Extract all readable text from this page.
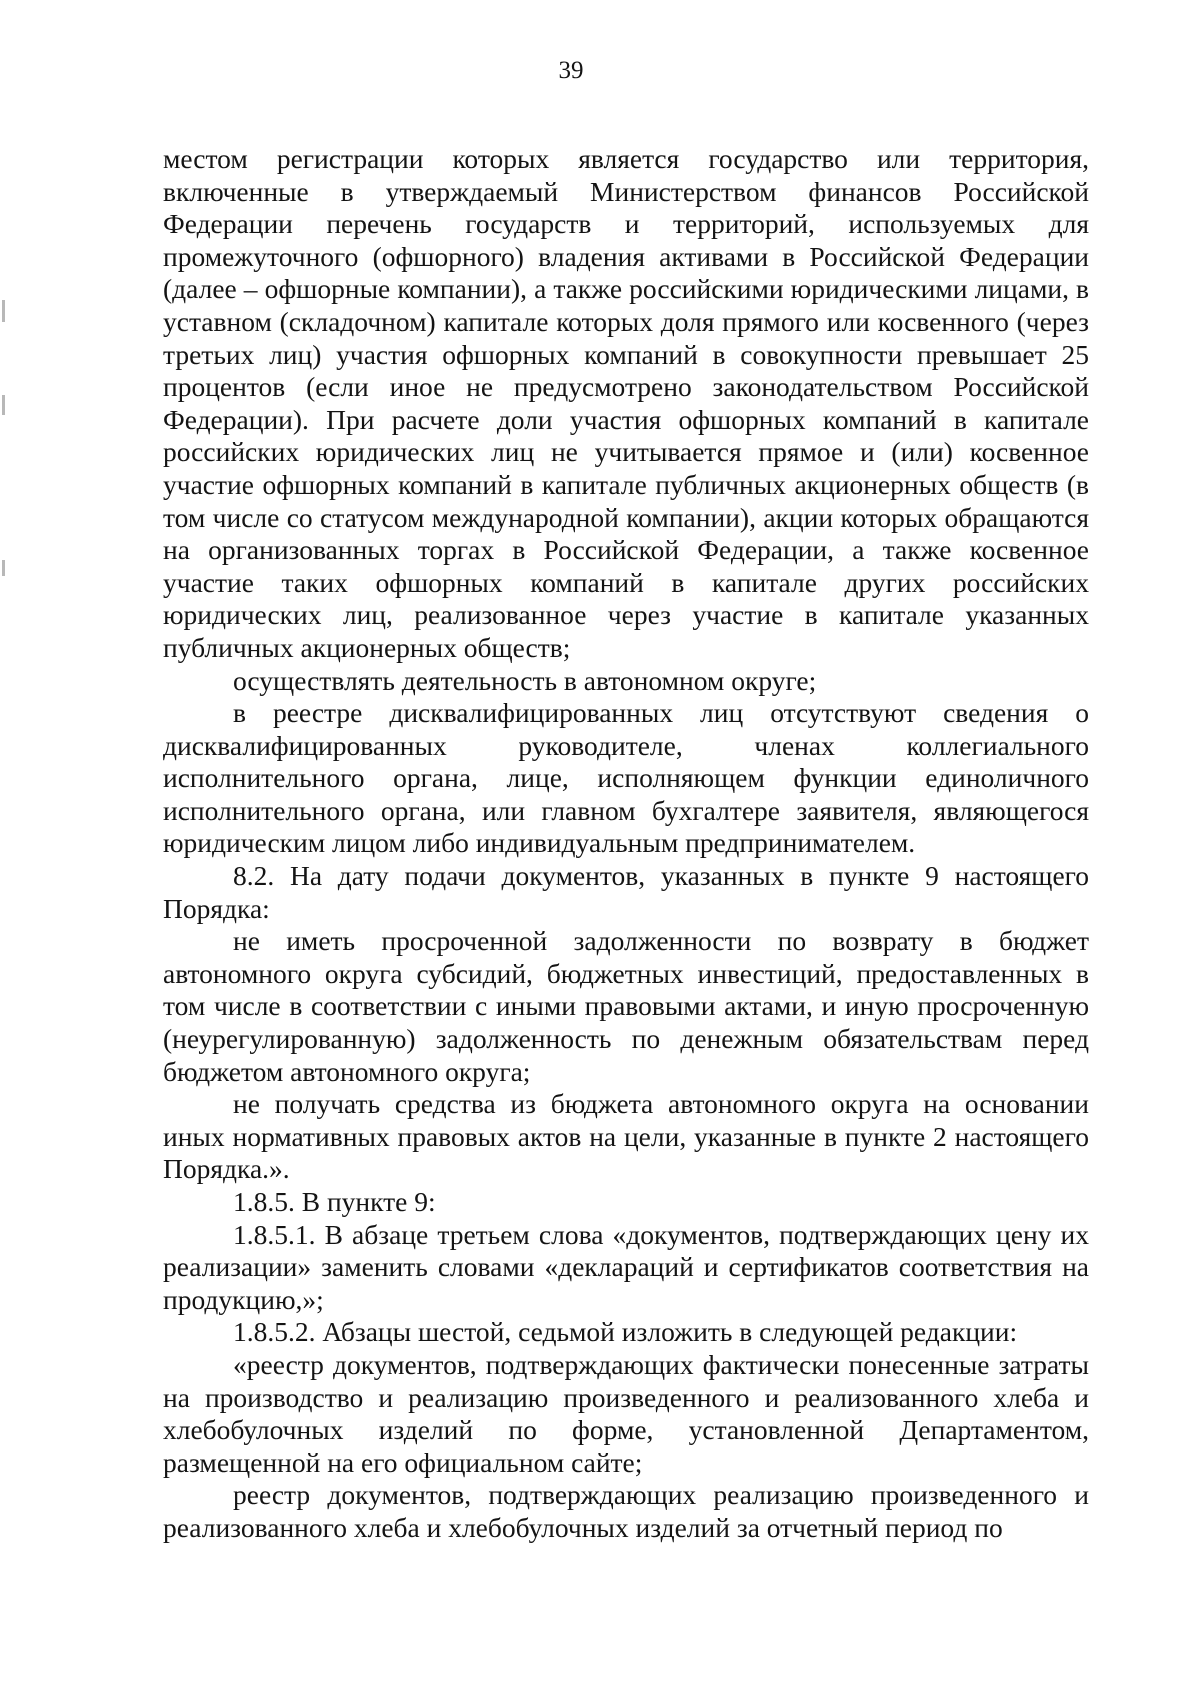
39

местом регистрации которых является государство или территория, включенные в утверждаемый Министерством финансов Российской Федерации перечень государств и территорий, используемых для промежуточного (офшорного) владения активами в Российской Федерации (далее – офшорные компании), а также российскими юридическими лицами, в уставном (складочном) капитале которых доля прямого или косвенного (через третьих лиц) участия офшорных компаний в совокупности превышает 25 процентов (если иное не предусмотрено законодательством Российской Федерации). При расчете доли участия офшорных компаний в капитале российских юридических лиц не учитывается прямое и (или) косвенное участие офшорных компаний в капитале публичных акционерных обществ (в том числе со статусом международной компании), акции которых обращаются на организованных торгах в Российской Федерации, а также косвенное участие таких офшорных компаний в капитале других российских юридических лиц, реализованное через участие в капитале указанных публичных акционерных обществ;

осуществлять деятельность в автономном округе;

в реестре дисквалифицированных лиц отсутствуют сведения о дисквалифицированных руководителе, членах коллегиального исполнительного органа, лице, исполняющем функции единоличного исполнительного органа, или главном бухгалтере заявителя, являющегося юридическим лицом либо индивидуальным предпринимателем.

8.2. На дату подачи документов, указанных в пункте 9 настоящего Порядка:

не иметь просроченной задолженности по возврату в бюджет автономного округа субсидий, бюджетных инвестиций, предоставленных в том числе в соответствии с иными правовыми актами, и иную просроченную (неурегулированную) задолженность по денежным обязательствам перед бюджетом автономного округа;

не получать средства из бюджета автономного округа на основании иных нормативных правовых актов на цели, указанные в пункте 2 настоящего Порядка.».

1.8.5. В пункте 9:

1.8.5.1. В абзаце третьем слова «документов, подтверждающих цену их реализации» заменить словами «деклараций и сертификатов соответствия на продукцию,»;

1.8.5.2. Абзацы шестой, седьмой изложить в следующей редакции:

«реестр документов, подтверждающих фактически понесенные затраты на производство и реализацию произведенного и реализованного хлеба и хлебобулочных изделий по форме, установленной Департаментом, размещенной на его официальном сайте;

реестр документов, подтверждающих реализацию произведенного и реализованного хлеба и хлебобулочных изделий за отчетный период по
